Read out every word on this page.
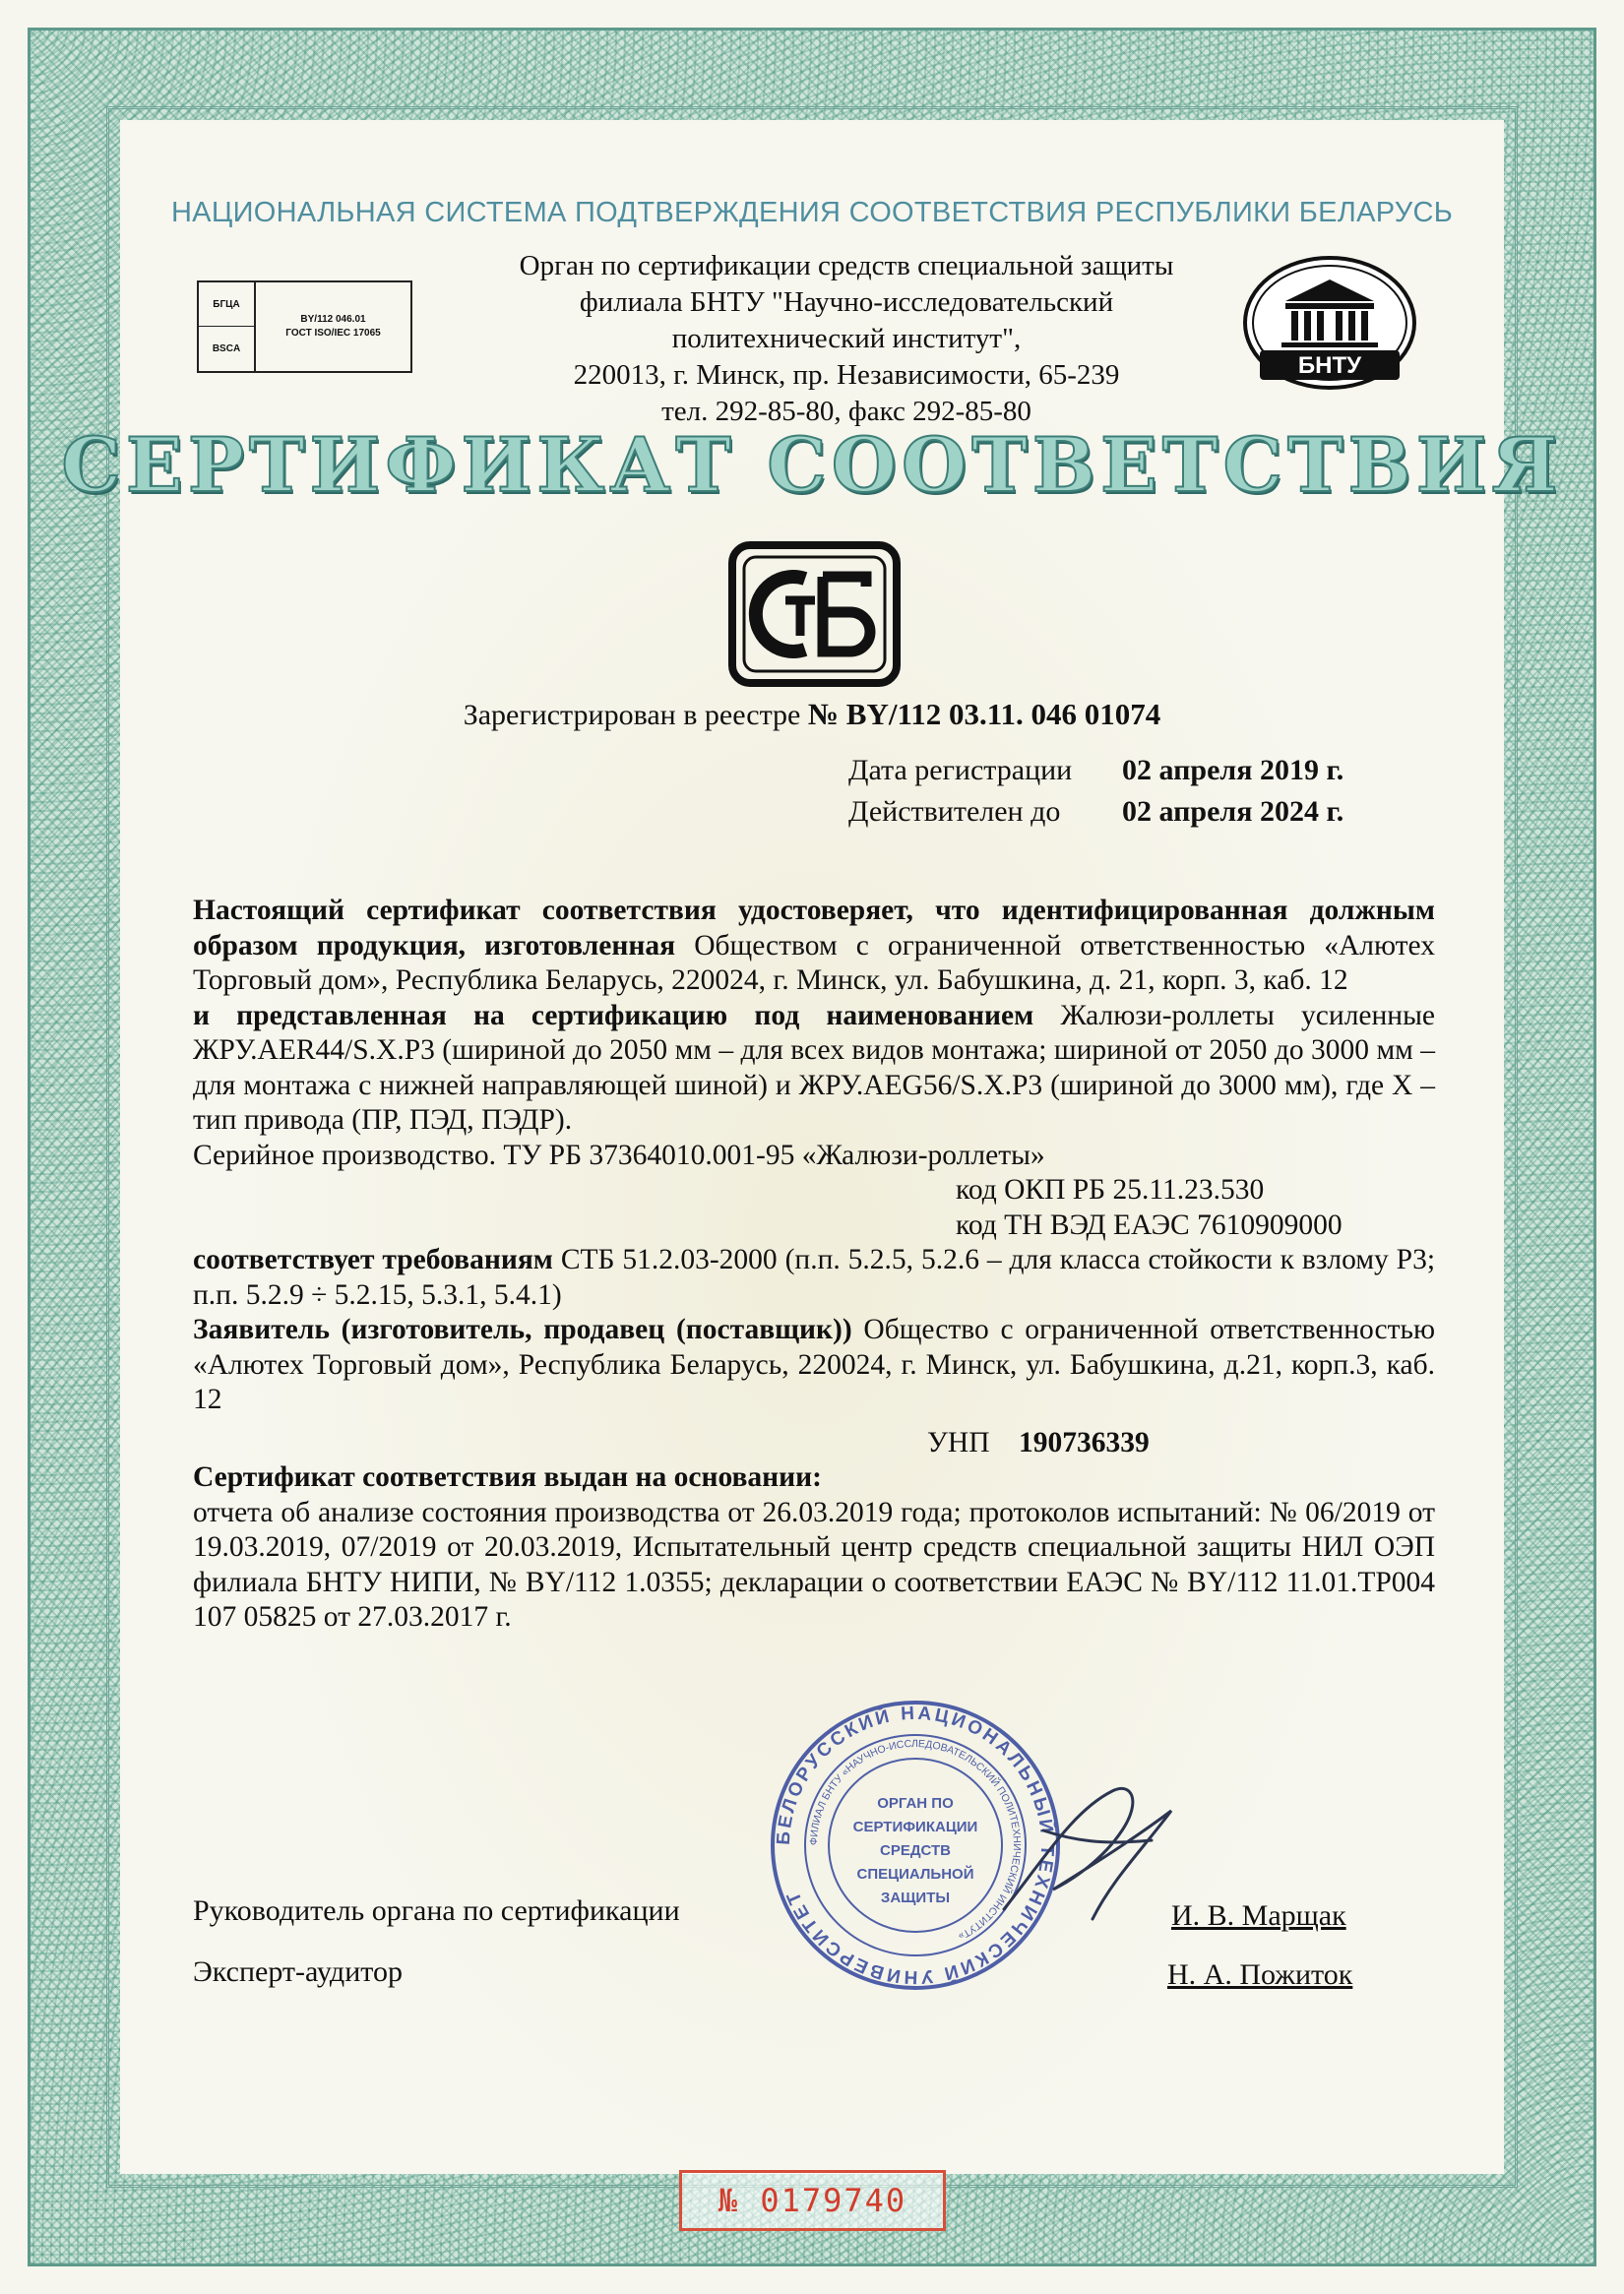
НАЦИОНАЛЬНАЯ СИСТЕМА ПОДТВЕРЖДЕНИЯ СООТВЕТСТВИЯ РЕСПУБЛИКИ БЕЛАРУСЬ
БГЦА
BY/112 046.01
ГОСТ ISO/IEC 17065
BSCA
Орган по сертификации средств специальной защиты
филиала БНТУ "Научно-исследовательский
политехнический институт",
220013, г. Минск, пр. Независимости, 65-239
тел. 292-85-80, факс 292-85-80
БНТУ
СЕРТИФИКАТ СООТВЕТСТВИЯ
СТБ
Зарегистрирован в реестре № BY/112 03.11. 046 01074
Дата регистрации 02 апреля 2019 г.
Действителен до 02 апреля 2024 г.

Настоящий сертификат соответствия удостоверяет, что идентифицированная должным образом продукция, изготовленная Обществом с ограниченной ответственностью «Алютех Торговый дом», Республика Беларусь, 220024, г. Минск, ул. Бабушкина, д. 21, корп. 3, каб. 12

и представленная на сертификацию под наименованием Жалюзи-роллеты усиленные ЖРУ.AER44/S.X.P3 (шириной до 2050 мм – для всех видов монтажа; шириной от 2050 до 3000 мм – для монтажа с нижней направляющей шиной) и ЖРУ.AEG56/S.X.P3 (шириной до 3000 мм), где Х – тип привода (ПР, ПЭД, ПЭДР).

Серийное производство. ТУ РБ 37364010.001-95 «Жалюзи-роллеты»

код ОКП РБ 25.11.23.530
код ТН ВЭД ЕАЭС 7610909000

соответствует требованиям СТБ 51.2.03-2000 (п.п. 5.2.5, 5.2.6 – для класса стойкости к взлому Р3; п.п. 5.2.9 ÷ 5.2.15, 5.3.1, 5.4.1)

Заявитель (изготовитель, продавец (поставщик)) Общество с ограниченной ответственностью «Алютех Торговый дом», Республика Беларусь, 220024, г. Минск, ул. Бабушкина, д.21, корп.3, каб. 12

УНП 190736339

Сертификат соответствия выдан на основании:

отчета об анализе состояния производства от 26.03.2019 года; протоколов испытаний: № 06/2019 от 19.03.2019, 07/2019 от 20.03.2019, Испытательный центр средств специальной защиты НИЛ ОЭП филиала БНТУ НИПИ, № BY/112 1.0355; декларации о соответствии ЕАЭС № BY/112 11.01.ТР004 107 05825 от 27.03.2017 г.

БЕЛОРУССКИЙ НАЦИОНАЛЬНЫЙ ТЕХНИЧЕСКИЙ УНИВЕРСИТЕТ
ФИЛИАЛ БНТУ «НАУЧНО-ИССЛЕДОВАТЕЛЬСКИЙ ПОЛИТЕХНИЧЕСКИЙ ИНСТИТУТ»
ОРГАН ПО
СЕРТИФИКАЦИИ
СРЕДСТВ
СПЕЦИАЛЬНОЙ
ЗАЩИТЫ
Руководитель органа по сертификации	И. В. Марщак
Эксперт-аудитор	Н. А. Пожиток
№ 0179740
